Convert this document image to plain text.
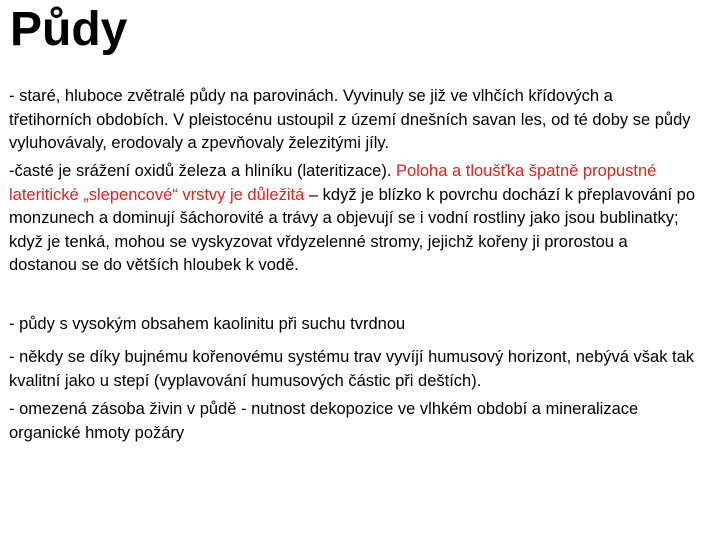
Půdy

- staré, hluboce zvětralé půdy na parovinách. Vyvinuly se již ve vlhčích křídových a třetihorních obdobích. V pleistocénu ustoupil z území dnešních savan les, od té doby se půdy vyluhovávaly, erodovaly a zpevňovaly železitými jíly.

-časté je srážení oxidů železa a hliníku (lateritizace). Poloha a tloušťka špatně propustné lateritické „slepencové“ vrstvy je důležitá – když je blízko k povrchu dochází k přeplavování po monzunech a dominují šáchorovité a trávy a objevují se i vodní rostliny jako jsou bublinatky; když je tenká, mohou se vyskyzovat vřdyzelenné stromy, jejichž kořeny ji prorostou a dostanou se do větších hloubek k vodě.

- půdy s vysokým obsahem kaolinitu při suchu tvrdnou

- někdy se díky bujnému kořenovému systému trav vyvíjí humusový horizont, nebývá však tak kvalitní jako u stepí (vyplavování humusových částic při deštích).

- omezená zásoba živin v půdě - nutnost dekopozice ve vlhkém období a mineralizace organické hmoty požáry
